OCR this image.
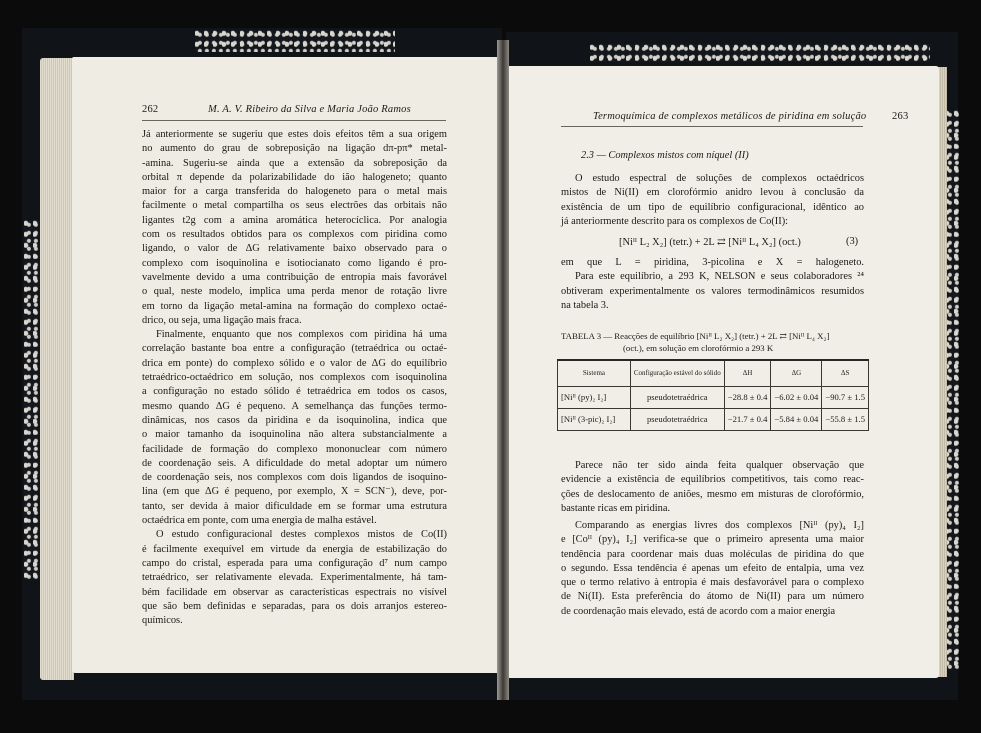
262	M. A. V. Ribeiro da Silva e Maria João Ramos

Já anteriormente se sugeriu que estes dois efeitos têm a sua origem
no aumento do grau de sobreposição na ligação dπ-pπ* metal-
-amina. Sugeriu-se ainda que a extensão da sobreposição da
orbital π depende da polarizabilidade do ião halogeneto; quanto
maior for a carga transferida do halogeneto para o metal mais
facilmente o metal compartilha os seus electrões das orbitais não
ligantes t2g com a amina aromática heterocíclica. Por analogia
com os resultados obtidos para os complexos com piridina como
ligando, o valor de ΔG relativamente baixo observado para o
complexo com isoquinolina e isotiocianato como ligando é pro-
vavelmente devido a uma contribuição de entropia mais favorável
o qual, neste modelo, implica uma perda menor de rotação livre
em torno da ligação metal-amina na formação do complexo octaé-
drico, ou seja, uma ligação mais fraca.

Finalmente, enquanto que nos complexos com piridina há uma
correlação bastante boa entre a configuração (tetraédrica ou octaé-
drica em ponte) do complexo sólido e o valor de ΔG do equilíbrio
tetraédrico-octaédrico em solução, nos complexos com isoquinolina
a configuração no estado sólido é tetraédrica em todos os casos,
mesmo quando ΔG é pequeno. A semelhança das funções termo-
dinâmicas, nos casos da piridina e da isoquinolina, indica que
o maior tamanho da isoquinolina não altera substancialmente a
facilidade de formação do complexo mononuclear com número
de coordenação seis. A dificuldade do metal adoptar um número
de coordenação seis, nos complexos com dois ligandos de isoquino-
lina (em que ΔG é pequeno, por exemplo, X = SCN⁻), deve, por-
tanto, ser devida à maior dificuldade em se formar uma estrutura
octaédrica em ponte, com uma energia de malha estável.

O estudo configuracional destes complexos mistos de Co(II)
é facilmente exequível em virtude da energia de estabilização do
campo do cristal, esperada para uma configuração d⁷ num campo
tetraédrico, ser relativamente elevada. Experimentalmente, há tam-
bém facilidade em observar as características espectrais no visível
que são bem definidas e separadas, para os dois arranjos estereo-
químicos.

Termoquímica de complexos metálicos de piridina em solução 263
2.3 — Complexos mistos com níquel (II)

O estudo espectral de soluções de complexos octaédricos
mistos de Ni(II) em clorofórmio anidro levou à conclusão da
existência de um tipo de equilíbrio configuracional, idêntico ao
já anteriormente descrito para os complexos de Co(II):

[Niᴵᴵ L₂ X₂] (tetr.) + 2L ⇄ [Niᴵᴵ L₄ X₂] (oct.)	(3)

em que L = piridina, 3-picolina e X = halogeneto.
Para este equilíbrio, a 293 K, NELSON e seus colaboradores ²⁴
obtiveram experimentalmente os valores termodinâmicos resumidos
na tabela 3.

TABELA 3 — Reacções de equilíbrio [Niᴵᴵ L₂ X₂] (tetr.) + 2L ⇄ [Niᴵᴵ L₄ X₂]
(oct.), em solução em clorofórmio a 293 K
Sistema	Configuração estável do sólido	ΔH	ΔG	ΔS
[Niᴵᴵ (py)₂ I₂]	pseudotetraédrica	−28.8 ± 0.4	−6.02 ± 0.04	−90.7 ± 1.5
[Niᴵᴵ (3-pic)₂ I₂]	pseudotetraédrica	−21.7 ± 0.4	−5.84 ± 0.04	−55.8 ± 1.5

Parece não ter sido ainda feita qualquer observação que
evidencie a existência de equilíbrios competitivos, tais como reac-
ções de deslocamento de aniões, mesmo em misturas de clorofórmio,
bastante ricas em piridina.

Comparando as energias livres dos complexos [Niᴵᴵ (py)₄ I₂]
e [Coᴵᴵ (py)₄ I₂] verifica-se que o primeiro apresenta uma maior
tendência para coordenar mais duas moléculas de piridina do que
o segundo. Essa tendência é apenas um efeito de entalpia, uma vez
que o termo relativo à entropia é mais desfavorável para o complexo
de Ni(II). Esta preferência do átomo de Ni(II) para um número
de coordenação mais elevado, está de acordo com a maior energia
